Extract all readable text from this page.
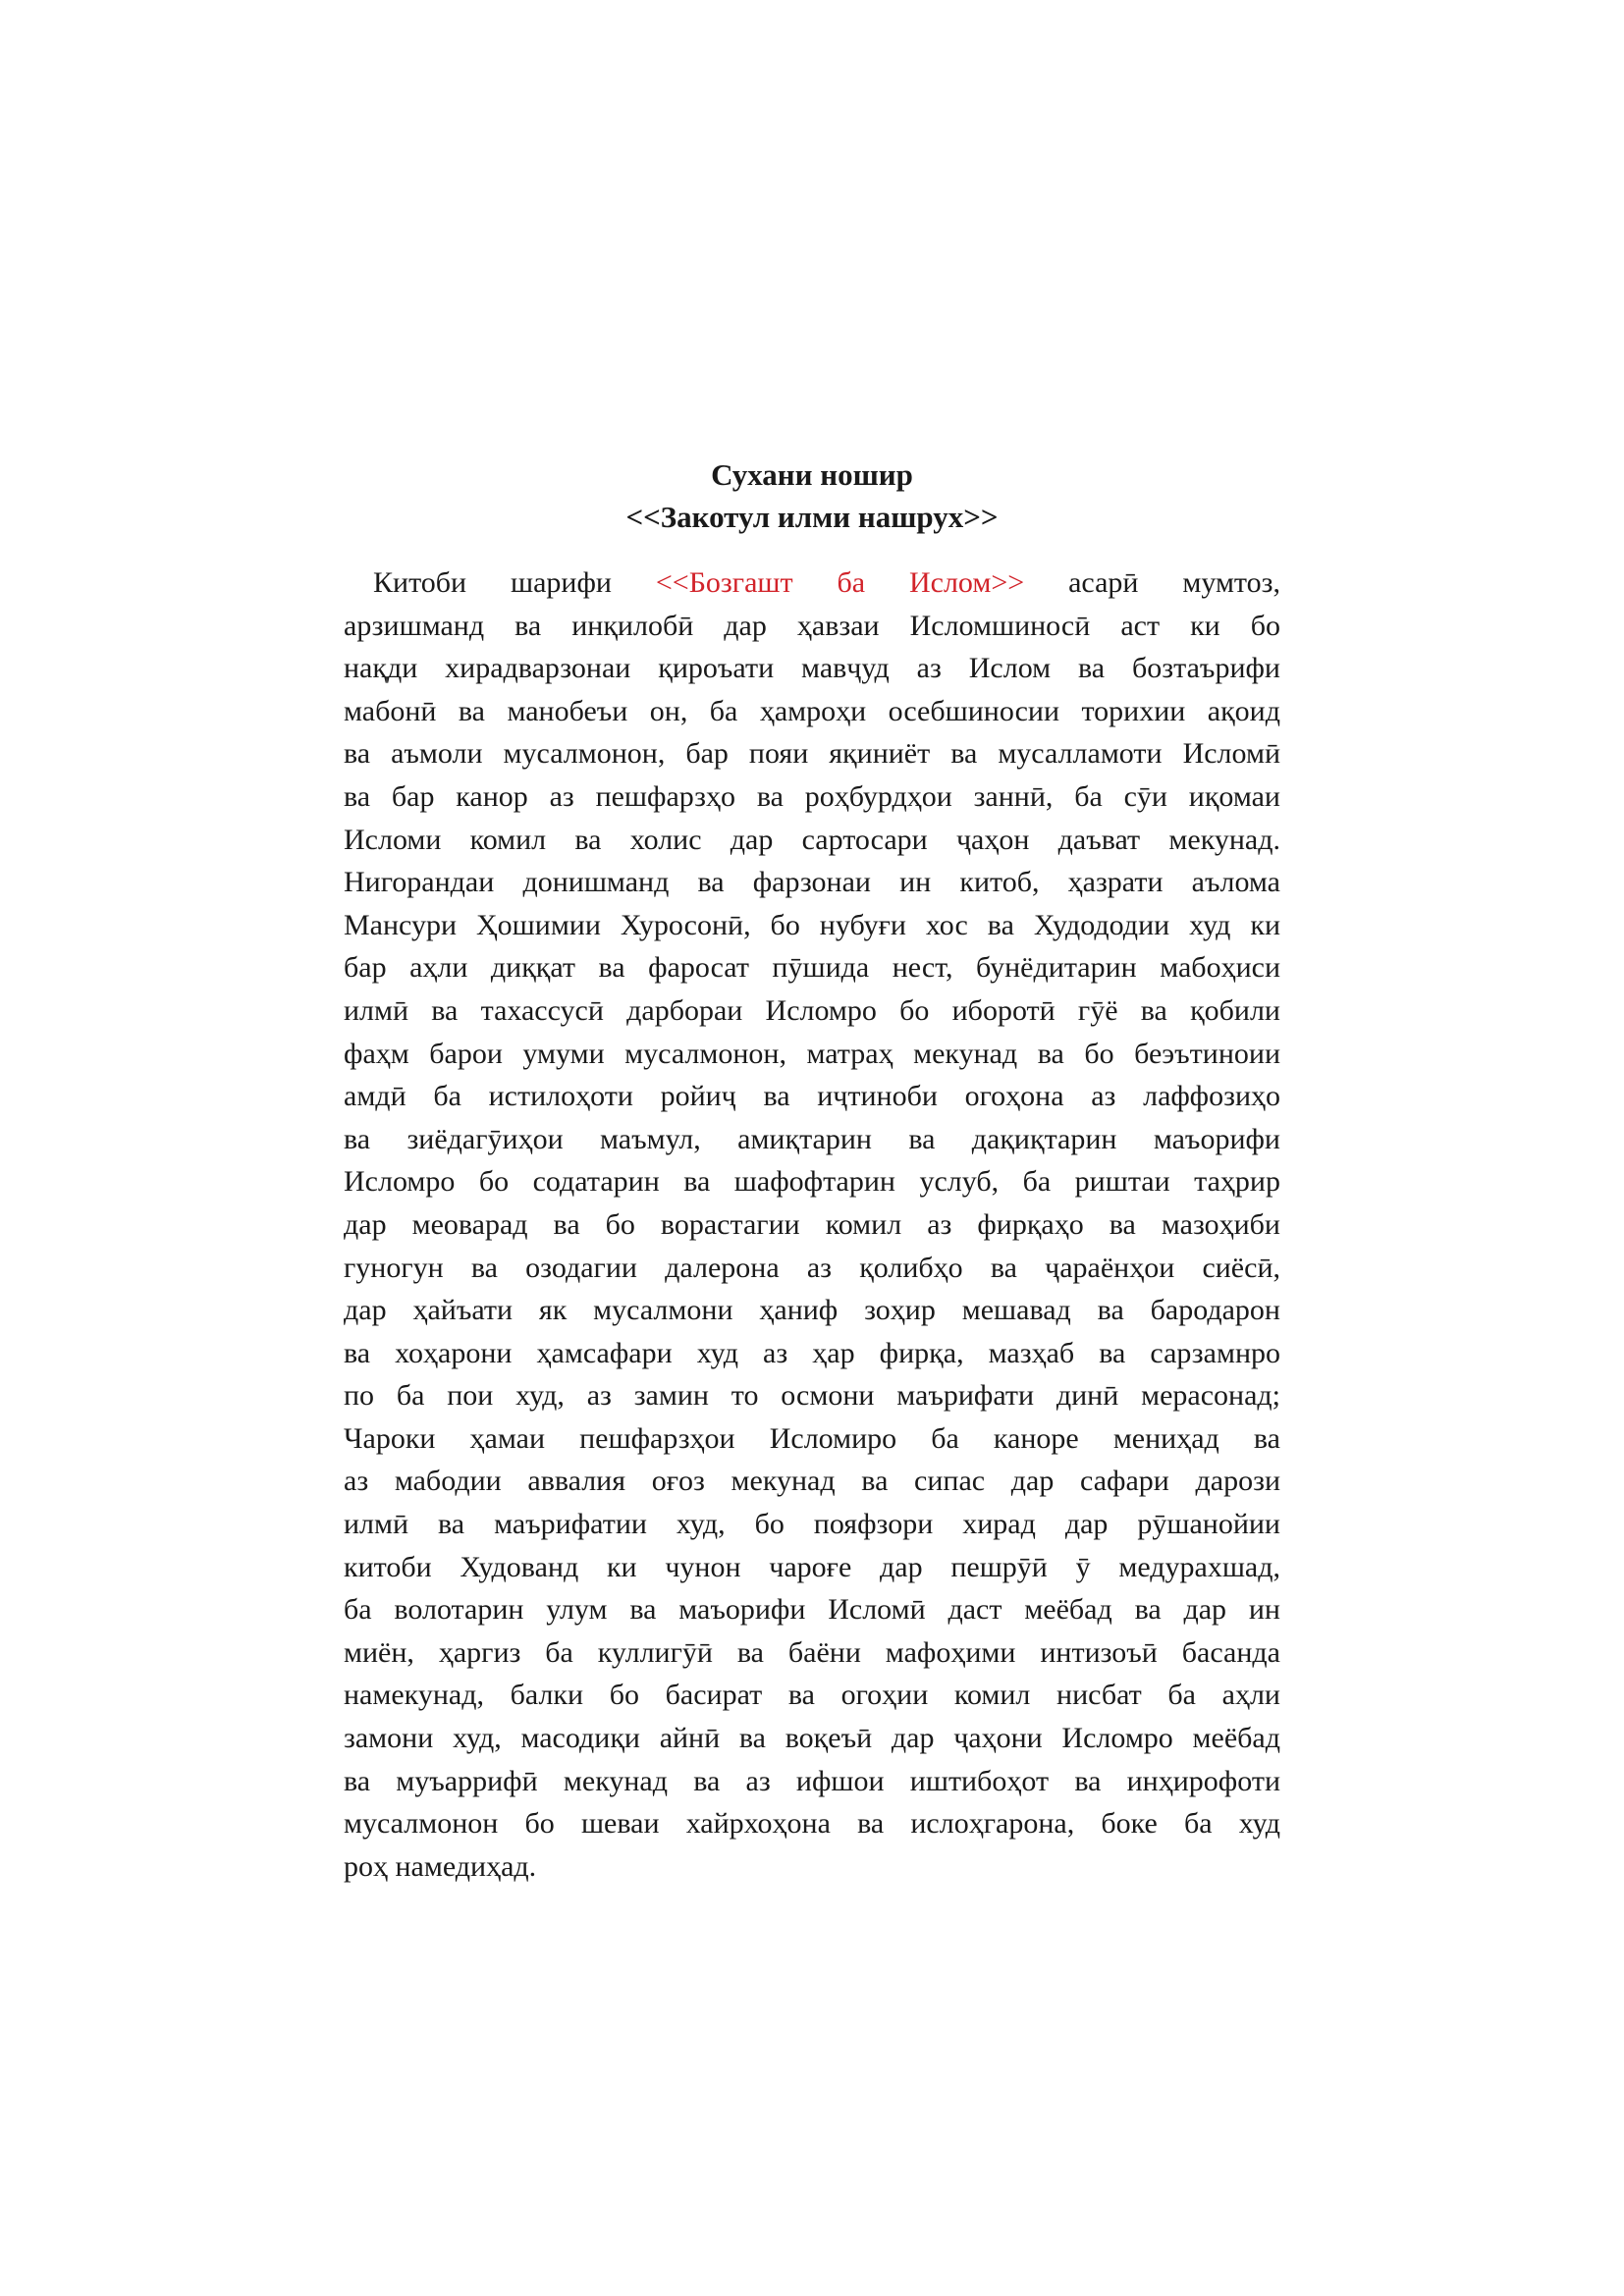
Сухани ношир
<<Закотул илми нашрух>>
Китоби шарифи <<Бозгашт ба Ислом>> асарӣ мумтоз,
арзишманд ва инқилобӣ дар ҳавзаи Исломшиносӣ аст ки бо
нақди хирадварзонаи қироъати мавҷуд аз Ислом ва бозтаърифи
мабонӣ ва манобеъи он, ба ҳамроҳи осебшиносии торихии ақоид
ва аъмоли мусалмонон, бар пояи яқиниёт ва мусалламоти Исломӣ
ва бар канор аз пешфарзҳо ва роҳбурдҳои заннӣ, ба сӯи иқомаи
Исломи комил ва холис дар сартосари ҷаҳон даъват мекунад.
Нигорандаи донишманд ва фарзонаи ин китоб, ҳазрати аълома
Мансури Ҳошимии Хуросонӣ, бо нубуғи хос ва Худододии худ ки
бар аҳли диққат ва фаросат пӯшида нест, бунёдитарин мабоҳиси
илмӣ ва тахассусӣ дарбораи Исломро бо иборотӣ гӯё ва қобили
фаҳм барои умуми мусалмонон, матраҳ мекунад ва бо беэътиноии
амдӣ ба истилоҳоти ройиҷ ва иҷтиноби огоҳона аз лаффозиҳо
ва зиёдагӯиҳои маъмул, амиқтарин ва дақиқтарин маъорифи
Исломро бо содатарин ва шафофтарин услуб, ба риштаи таҳрир
дар меоварад ва бо ворастагии комил аз фирқаҳо ва мазоҳиби
гуногун ва озодагии далерона аз қолибҳо ва ҷараёнҳои сиёсӣ,
дар ҳайъати як мусалмони ҳаниф зоҳир мешавад ва бародарон
ва хоҳарони ҳамсафари худ аз ҳар фирқа, мазҳаб ва сарзамнро
по ба пои худ, аз замин то осмони маърифати динӣ мерасонад;
Чароки ҳамаи пешфарзҳои Исломиро ба каноре мениҳад ва
аз мабодии аввалия оғоз мекунад ва сипас дар сафари дарози
илмӣ ва маърифатии худ, бо пояфзори хирад дар рӯшанойии
китоби Худованд ки чунон чароғе дар пешрӯӣ ӯ медурахшад,
ба волотарин улум ва маъорифи Исломӣ даст меёбад ва дар ин
миён, ҳаргиз ба куллигӯӣ ва баёни мафоҳими интизоъӣ басанда
намекунад, балки бо басират ва огоҳии комил нисбат ба аҳли
замони худ, масодиқи айнӣ ва воқеъӣ дар ҷаҳони Исломро меёбад
ва муъаррифӣ мекунад ва аз ифшои иштибоҳот ва инҳирофоти
мусалмонон бо шеваи хайрхоҳона ва ислоҳгарона, боке ба худ
роҳ намедиҳад.
